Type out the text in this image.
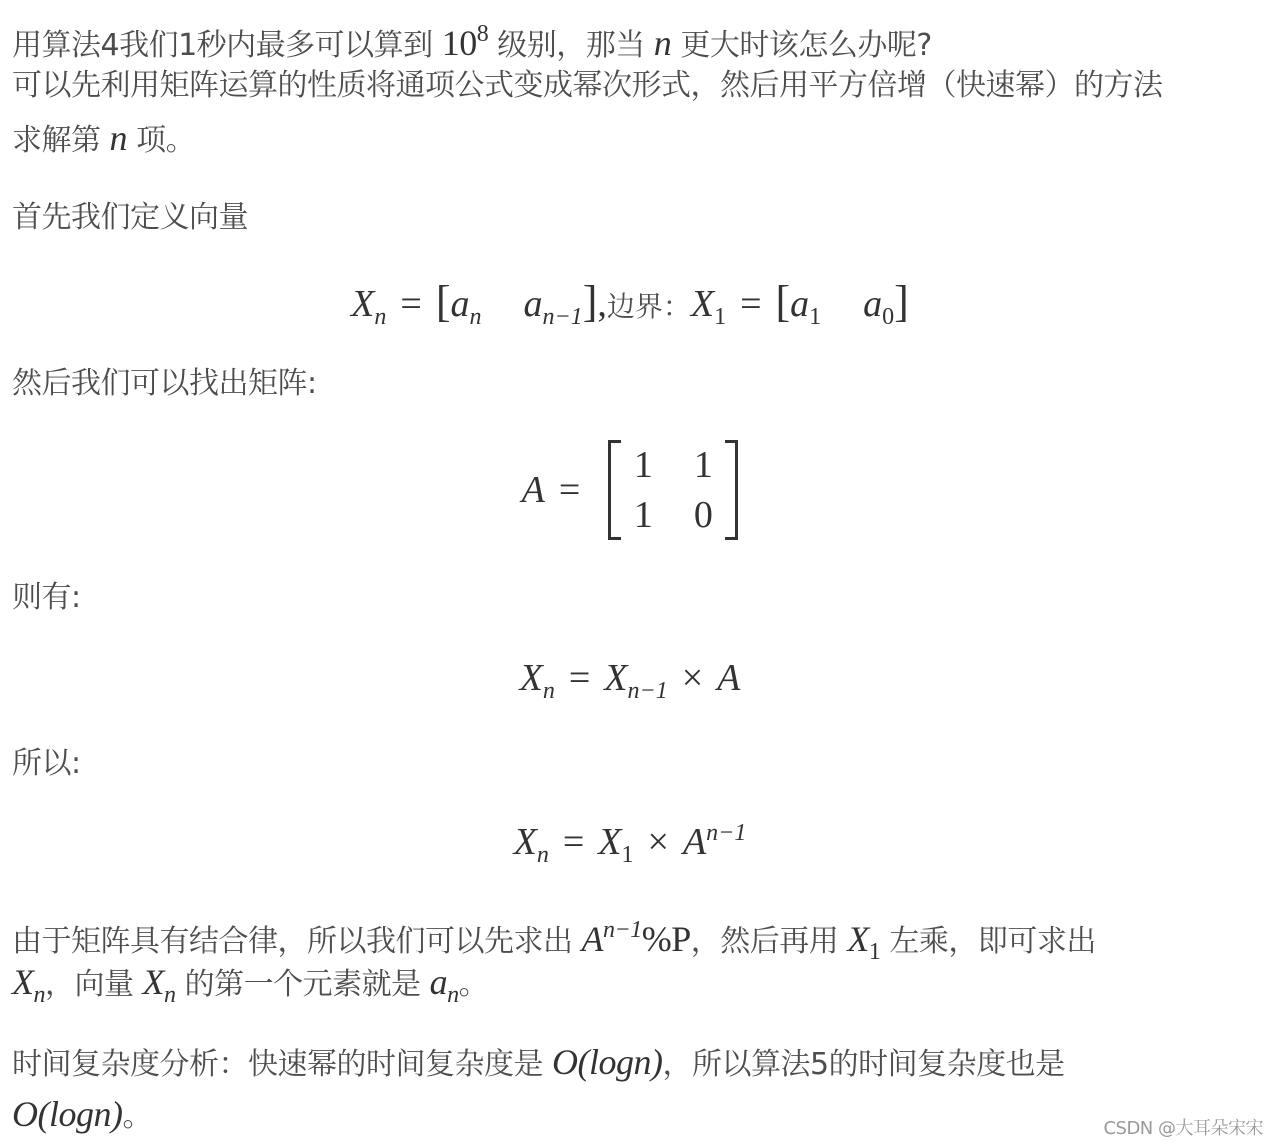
用算法4我们1秒内最多可以算到 $10^8$ 级别，那当 n 更大时该怎么办呢?
可以先利用矩阵运算的性质将通项公式变成幂次形式，然后用平方倍增（快速幂）的方法
求解第 n 项。
首先我们定义向量
$X_n = [a_n$ $a_{n-1}$],边界：$X_1 = [a_1$ $a_0$]
然后我们可以找出矩阵:
A =
1 1
1 0
则有:
$X_n = X_{n-1} \times A$
所以:
$X_n = X_1 \times A^{n-1}$
由于矩阵具有结合律，所以我们可以先求出 $A^{n-1}\%P$，然后再用 $X_1$ 左乘，即可求出
$X_n$，向量 $X_n$ 的第一个元素就是 $a_n$。
时间复杂度分析：快速幂的时间复杂度是 O(logn)，所以算法5的时间复杂度也是
O(logn)。	CSDN @大耳朵宋宋
